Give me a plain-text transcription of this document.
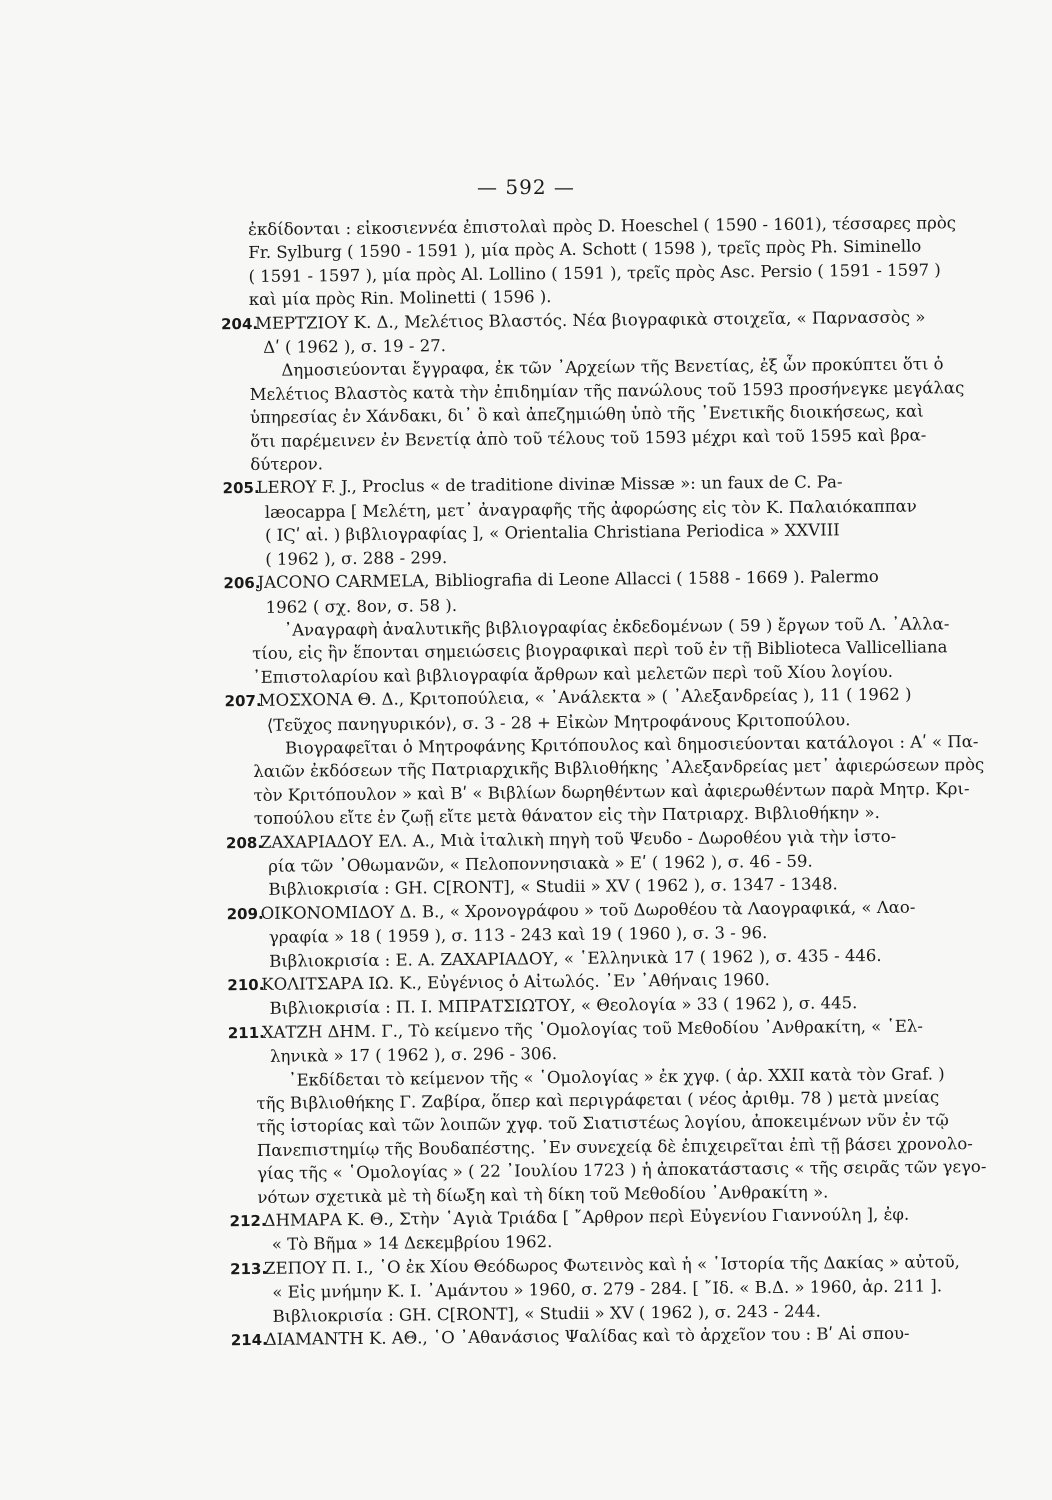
— 592 —
ἐκδίδονται : εἰκοσιεννέα ἐπιστολαὶ πρὸς D. Hoeschel ( 1590 - 1601), τέσσαρες πρὸς
Fr. Sylburg ( 1590 - 1591 ), μία πρὸς A. Schott ( 1598 ), τρεῖς πρὸς Ph. Siminello
( 1591 - 1597 ), μία πρὸς Al. Lollino ( 1591 ), τρεῖς πρὸς Asc. Persio ( 1591 - 1597 )
καὶ μία πρὸς Rin. Molinetti ( 1596 ).
204.ΜΕΡΤΖΙΟΥ Κ. Δ., Μελέτιος Βλαστός. Νέα βιογραφικὰ στοιχεῖα, « Παρνασσὸς »
Δʹ ( 1962 ), σ. 19 - 27.
Δημοσιεύονται ἔγγραφα, ἐκ τῶν ᾿Αρχείων τῆς Βενετίας, ἐξ ὧν προκύπτει ὅτι ὁ
Μελέτιος Βλαστὸς κατὰ τὴν ἐπιδημίαν τῆς πανώλους τοῦ 1593 προσήνεγκε μεγάλας
ὑπηρεσίας ἐν Χάνδακι, δι᾿ ὃ καὶ ἀπεζημιώθη ὑπὸ τῆς ᾿Ενετικῆς διοικήσεως, καὶ
ὅτι παρέμεινεν ἐν Βενετίᾳ ἀπὸ τοῦ τέλους τοῦ 1593 μέχρι καὶ τοῦ 1595 καὶ βρα-
δύτερον.
205.LEROY F. J., Proclus « de traditione divinæ Missæ »: un faux de C. Pa-
læocappa [ Μελέτη, μετ᾿ ἀναγραφῆς τῆς ἀφορώσης εἰς τὸν Κ. Παλαιόκαππαν
( ΙϚʹ αἰ. ) βιβλιογραφίας ], « Orientalia Christiana Periodica » XXVIII
( 1962 ), σ. 288 - 299.
206.JACONO CARMELA, Bibliografia di Leone Allacci ( 1588 - 1669 ). Palermo
1962 ( σχ. 8ον, σ. 58 ).
᾿Αναγραφὴ ἀναλυτικῆς βιβλιογραφίας ἐκδεδομένων ( 59 ) ἔργων τοῦ Λ. ᾿Αλλα-
τίου, εἰς ἣν ἕπονται σημειώσεις βιογραφικαὶ περὶ τοῦ ἐν τῇ Biblioteca Vallicelliana
᾿Επιστολαρίου καὶ βιβλιογραφία ἄρθρων καὶ μελετῶν περὶ τοῦ Χίου λογίου.
207.ΜΟΣΧΟΝΑ Θ. Δ., Κριτοπούλεια, « ᾿Ανάλεκτα » ( ᾿Αλεξανδρείας ), 11 ( 1962 )
⟨Τεῦχος πανηγυρικόν⟩, σ. 3 - 28 + Εἰκὼν Μητροφάνους Κριτοπούλου.
Βιογραφεῖται ὁ Μητροφάνης Κριτόπουλος καὶ δημοσιεύονται κατάλογοι : Αʹ « Πα-
λαιῶν ἐκδόσεων τῆς Πατριαρχικῆς Βιβλιοθήκης ᾿Αλεξανδρείας μετ᾿ ἀφιερώσεων πρὸς
τὸν Κριτόπουλον » καὶ Βʹ « Βιβλίων δωρηθέντων καὶ ἀφιερωθέντων παρὰ Μητρ. Κρι-
τοπούλου εἴτε ἐν ζωῇ εἴτε μετὰ θάνατον εἰς τὴν Πατριαρχ. Βιβλιοθήκην ».
208.ΖΑΧΑΡΙΑΔΟΥ ΕΛ. Α., Μιὰ ἰταλικὴ πηγὴ τοῦ Ψευδο - Δωροθέου γιὰ τὴν ἱστο-
ρία τῶν ᾿Οθωμανῶν, « Πελοποννησιακὰ » Εʹ ( 1962 ), σ. 46 - 59.
Βιβλιοκρισία : GH. C[RONT], « Studii » XV ( 1962 ), σ. 1347 - 1348.
209.ΟΙΚΟΝΟΜΙΔΟΥ Δ. Β., « Χρονογράφου » τοῦ Δωροθέου τὰ Λαογραφικά, « Λαο-
γραφία » 18 ( 1959 ), σ. 113 - 243 καὶ 19 ( 1960 ), σ. 3 - 96.
Βιβλιοκρισία : Ε. Α. ΖΑΧΑΡΙΑΔΟΥ, « ῾Ελληνικὰ 17 ( 1962 ), σ. 435 - 446.
210.ΚΟΛΙΤΣΑΡΑ ΙΩ. Κ., Εὐγένιος ὁ Αἰτωλός. ᾿Εν ᾿Αθήναις 1960.
Βιβλιοκρισία : Π. Ι. ΜΠΡΑΤΣΙΩΤΟΥ, « Θεολογία » 33 ( 1962 ), σ. 445.
211.ΧΑΤΖΗ ΔΗΜ. Γ., Τὸ κείμενο τῆς ῾Ομολογίας τοῦ Μεθοδίου ᾿Ανθρακίτη, « ῾Ελ-
ληνικὰ » 17 ( 1962 ), σ. 296 - 306.
᾿Εκδίδεται τὸ κείμενον τῆς « ῾Ομολογίας » ἐκ χγφ. ( ἀρ. XXII κατὰ τὸν Graf. )
τῆς Βιβλιοθήκης Γ. Ζαβίρα, ὅπερ καὶ περιγράφεται ( νέος ἀριθμ. 78 ) μετὰ μνείας
τῆς ἱστορίας καὶ τῶν λοιπῶν χγφ. τοῦ Σιατιστέως λογίου, ἀποκειμένων νῦν ἐν τῷ
Πανεπιστημίῳ τῆς Βουδαπέστης. ᾿Εν συνεχείᾳ δὲ ἐπιχειρεῖται ἐπὶ τῇ βάσει χρονολο-
γίας τῆς « ῾Ομολογίας » ( 22 ᾿Ιουλίου 1723 ) ἡ ἀποκατάστασις « τῆς σειρᾶς τῶν γεγο-
νότων σχετικὰ μὲ τὴ δίωξη καὶ τὴ δίκη τοῦ Μεθοδίου ᾿Ανθρακίτη ».
212.ΔΗΜΑΡΑ Κ. Θ., Στὴν ῾Αγιὰ Τριάδα [ ῎Αρθρον περὶ Εὐγενίου Γιαννούλη ], ἐφ.
« Τὸ Βῆμα » 14 Δεκεμβρίου 1962.
213.ΖΕΠΟΥ Π. Ι., ῾Ο ἐκ Χίου Θεόδωρος Φωτεινὸς καὶ ἡ « ῾Ιστορία τῆς Δακίας » αὐτοῦ,
« Εἰς μνήμην Κ. Ι. ᾿Αμάντου » 1960, σ. 279 - 284. [ ῎Ιδ. « Β.Δ. » 1960, ἀρ. 211 ].
Βιβλιοκρισία : GH. C[RONT], « Studii » XV ( 1962 ), σ. 243 - 244.
214.ΔΙΑΜΑΝΤΗ Κ. ΑΘ., ῾Ο ᾿Αθανάσιος Ψαλίδας καὶ τὸ ἀρχεῖον του : Βʹ Αἱ σπου-
